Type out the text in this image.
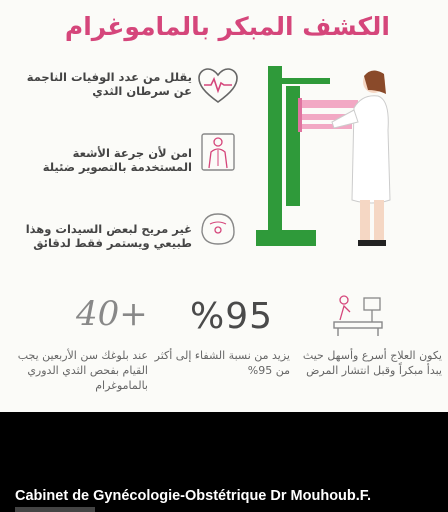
الكشف المبكر بالماموغرام
يقلل من عدد الوفيات الناجمة عن سرطان الثدي
امن لأن جرعة الأشعة المستخدمة بالتصوير ضئيلة
غير مريح لبعض السيدات وهذا طبيعي ويستمر فقط لدقائق
يكون العلاج أسرع وأسهل حيث يبدأ مبكراً وقبل انتشار المرض
يزيد من نسبة الشفاء إلى أكثر من 95%
%95
40+
عند بلوغك سن الأربعين يجب القيام بفحص الثدي الدوري بالماموغرام
Cabinet de Gynécologie-Obstétrique Dr Mouhoub.F.
